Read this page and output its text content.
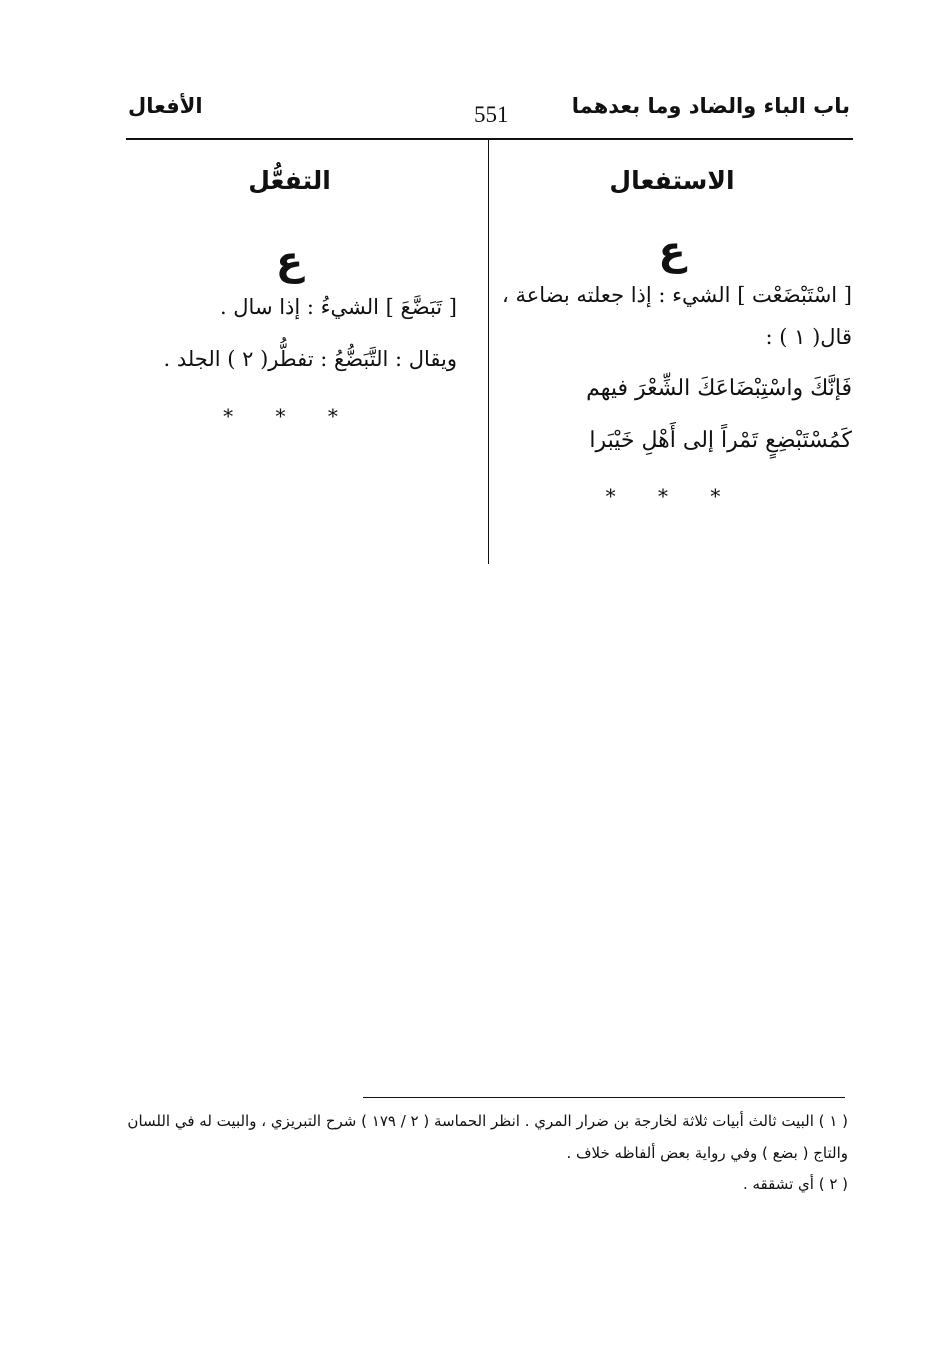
باب الباء والضاد وما بعدهما
551
الأفعال
الاستفعال
ع
[ اسْتَبْضَعْت ] الشيء : إذا جعلته بضاعة ،
قال( ١ ) :
فَإنَّكَ واسْتِبْضَاعَكَ الشِّعْرَ فيهم
كَمُسْتَبْضِعٍ تَمْراً إلى أَهْلِ خَيْبَرا
* * *
التفعُّل
ع
[ تَبَضَّعَ ] الشيءُ : إذا سال .
ويقال : التَّبَضُّعُ : تفطُّر( ٢ ) الجلد .
* * *
( ١ ) البيت ثالث أبيات ثلاثة لخارجة بن ضرار المري . انظر الحماسة ( ٢ / ١٧٩ ) شرح التبريزي ، والبيت له في اللسان
والتاج ( بضع ) وفي رواية بعض ألفاظه خلاف .
( ٢ ) أي تشققه .
